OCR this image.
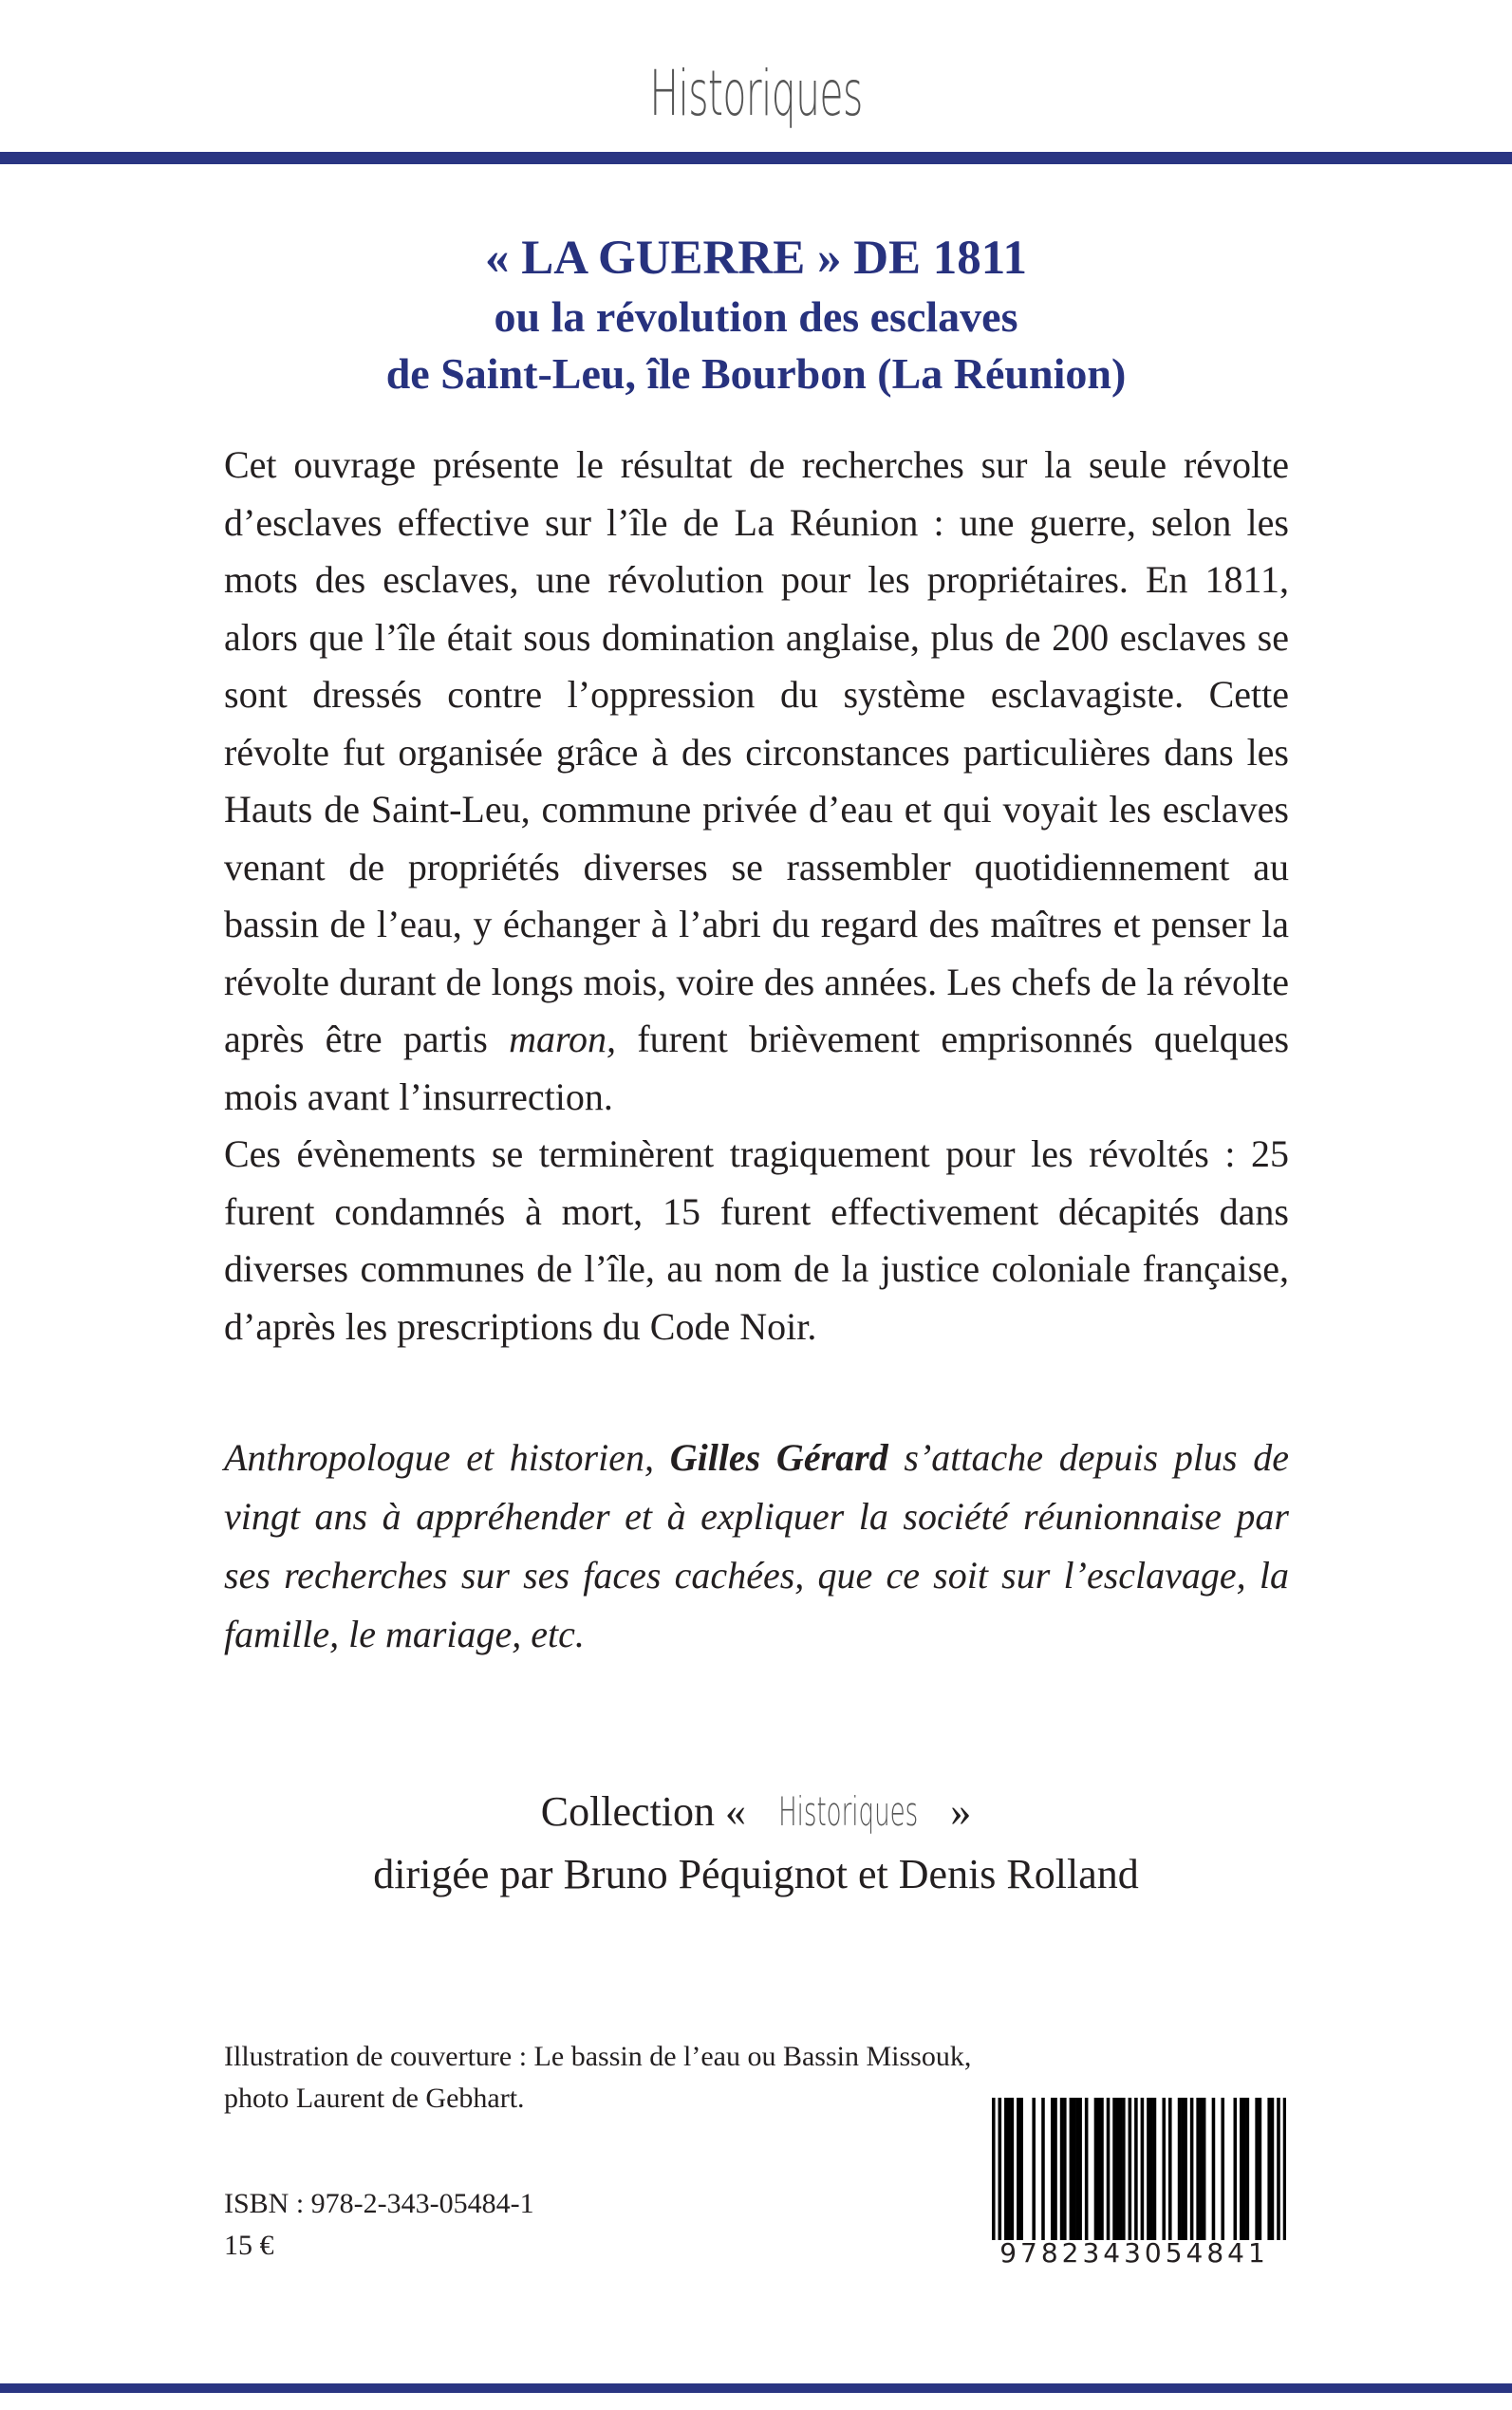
Historiques
« LA GUERRE » DE 1811
ou la révolution des esclaves
de Saint-Leu, île Bourbon (La Réunion)

Cet ouvrage présente le résultat de recherches sur la seule révolte d’esclaves effective sur l’île de La Réunion : une guerre, selon les mots des esclaves, une révolution pour les propriétaires. En 1811, alors que l’île était sous domination anglaise, plus de 200 esclaves se sont dressés contre l’oppression du système esclavagiste. Cette révolte fut organisée grâce à des circonstances particulières dans les Hauts de Saint-Leu, commune privée d’eau et qui voyait les esclaves venant de propriétés diverses se rassembler quotidiennement au bassin de l’eau, y échanger à l’abri du regard des maîtres et penser la révolte durant de longs mois, voire des années. Les chefs de la révolte après être partis maron, furent brièvement emprisonnés quelques mois avant l’insurrection.

Ces évènements se terminèrent tragiquement pour les révoltés : 25 furent condamnés à mort, 15 furent effectivement décapités dans diverses communes de l’île, au nom de la justice coloniale française, d’après les prescriptions du Code Noir.

Anthropologue et historien, Gilles Gérard s’attache depuis plus de vingt ans à appréhender et à expliquer la société réunionnaise par ses recherches sur ses faces cachées, que ce soit sur l’esclavage, la famille, le mariage, etc.
Collection « Historiques »
dirigée par Bruno Péquignot et Denis Rolland
Illustration de couverture : Le bassin de l’eau ou Bassin Missouk,
photo Laurent de Gebhart.
ISBN : 978-2-343-05484-1
15 €	9782343054841
